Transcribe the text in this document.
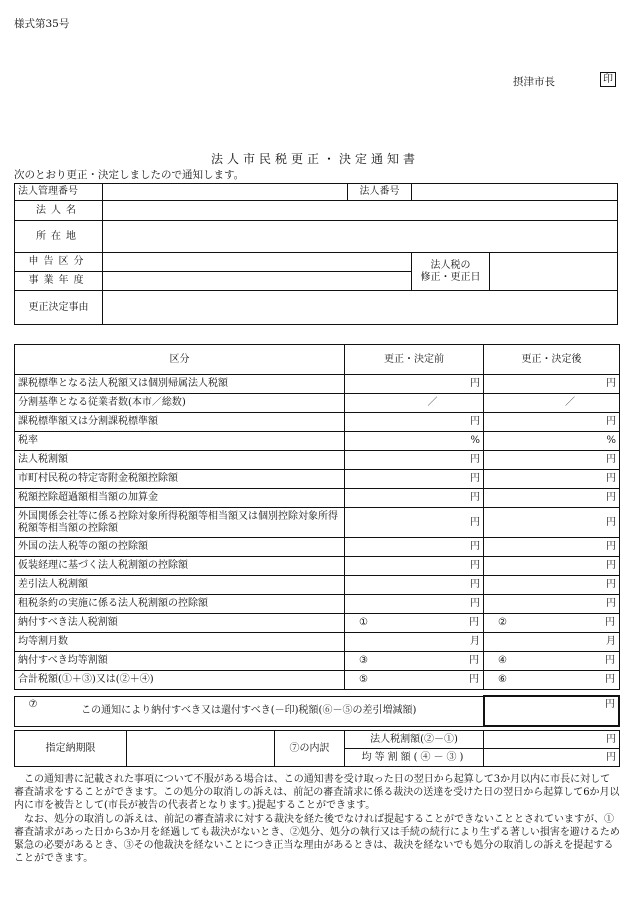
様式第35号
摂津市長	印
法人市民税更正・決定通知書
次のとおり更正・決定しましたので通知します。
法人管理番号		法人番号		
法人名				
所在地				
申告区分			法人税の
修正・更正日	

事業年度				
更正決定事由				
区分	更正・決定前	更正・決定後
課税標準となる法人税額又は個別帰属法人税額	円	円
分割基準となる従業者数(本市／総数)	／	／
課税標準額又は分割課税標準額	円	円
税率	%	%
法人税割額	円	円
市町村民税の特定寄附金税額控除額	円	円
税額控除超過額相当額の加算金	円	円
外国関係会社等に係る控除対象所得税額等相当額又は個別控除対象所得税額等相当額の控除額	円	円
外国の法人税等の額の控除額	円	円
仮装経理に基づく法人税割額の控除額	円	円
差引法人税割額	円	円
租税条約の実施に係る法人税割額の控除額	円	円
納付すべき法人税割額	① 円	② 円

均等割月数	月	月
納付すべき均等割額	③ 円	④ 円

合計税額(①＋③)又は(②＋④)	⑤ 円	⑥ 円
この通知により納付すべき又は還付すべき(－印)税額(⑥－⑤の差引増減額)	
⑦	円
指定納期限		⑦の内訳	法人税割額(②－①)	円
			均等割額(④－③)	円

この通知書に記載された事項について不服がある場合は、この通知書を受け取った日の翌日から起算して3か月以内に市長に対して審査請求をすることができます。この処分の取消しの訴えは、前記の審査請求に係る裁決の送達を受けた日の翌日から起算して6か月以内に市を被告として(市長が被告の代表者となります。)提起することができます。

なお、処分の取消しの訴えは、前記の審査請求に対する裁決を経た後でなければ提起することができないこととされていますが、①審査請求があった日から3か月を経過しても裁決がないとき、②処分、処分の執行又は手続の続行により生ずる著しい損害を避けるため緊急の必要があるとき、③その他裁決を経ないことにつき正当な理由があるときは、裁決を経ないでも処分の取消しの訴えを提起することができます。
